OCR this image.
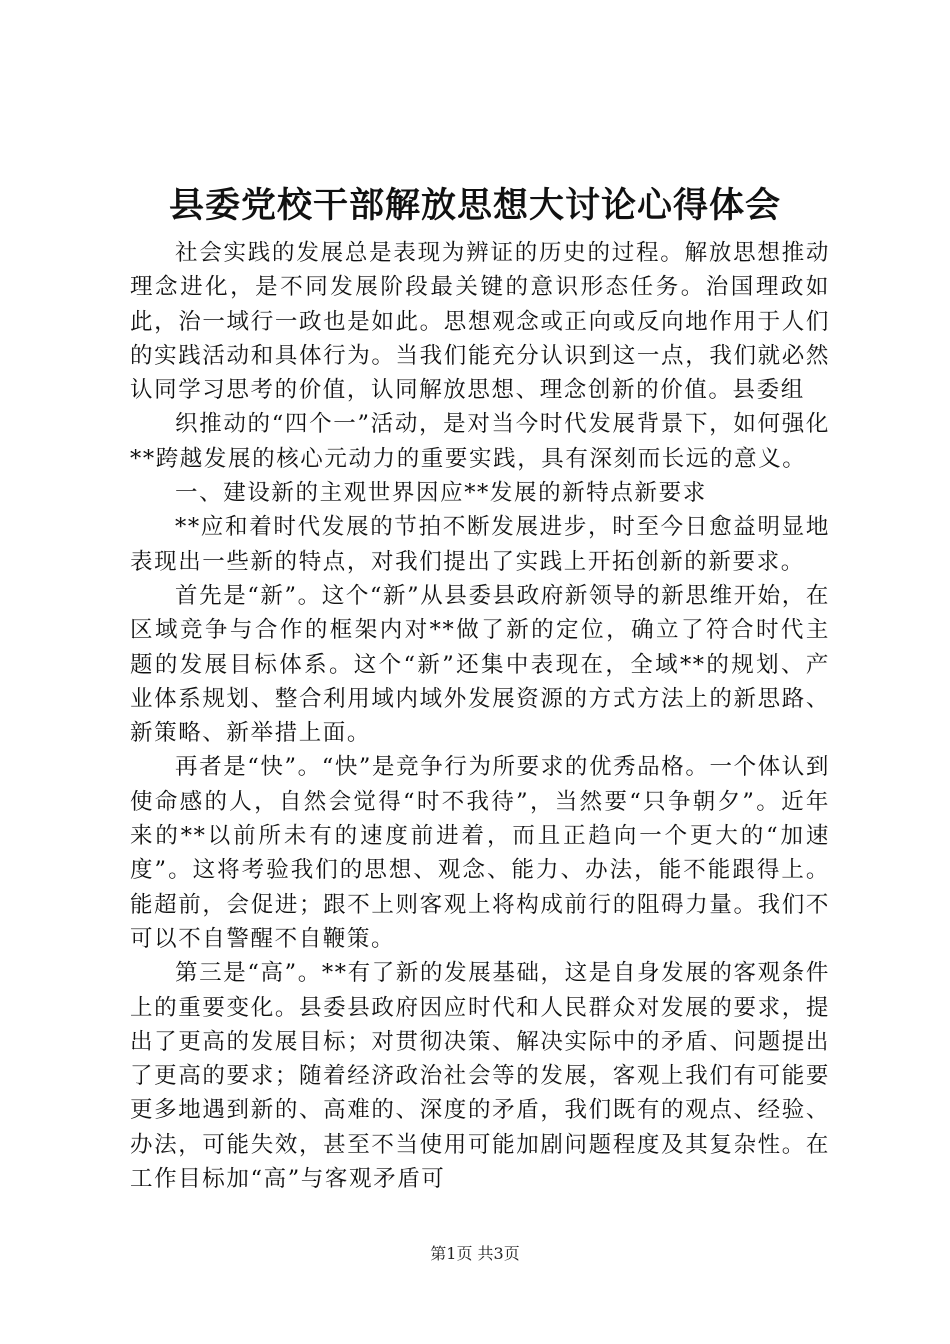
县委党校干部解放思想大讨论心得体会

社会实践的发展总是表现为辨证的历史的过程。解放思想推动理念进化，是不同发展阶段最关键的意识形态任务。治国理政如此，治一域行一政也是如此。思想观念或正向或反向地作用于人们的实践活动和具体行为。当我们能充分认识到这一点，我们就必然认同学习思考的价值，认同解放思想、理念创新的价值。县委组

织推动的“四个一”活动，是对当今时代发展背景下，如何强化**跨越发展的核心元动力的重要实践，具有深刻而长远的意义。

一、建设新的主观世界因应**发展的新特点新要求

**应和着时代发展的节拍不断发展进步，时至今日愈益明显地表现出一些新的特点，对我们提出了实践上开拓创新的新要求。

首先是“新”。这个“新”从县委县政府新领导的新思维开始，在区域竞争与合作的框架内对**做了新的定位，确立了符合时代主题的发展目标体系。这个“新”还集中表现在，全域**的规划、产业体系规划、整合利用域内域外发展资源的方式方法上的新思路、新策略、新举措上面。

再者是“快”。“快”是竞争行为所要求的优秀品格。一个体认到使命感的人，自然会觉得“时不我待”，当然要“只争朝夕”。近年来的**以前所未有的速度前进着，而且正趋向一个更大的“加速度”。这将考验我们的思想、观念、能力、办法，能不能跟得上。能超前，会促进；跟不上则客观上将构成前行的阻碍力量。我们不可以不自警醒不自鞭策。

第三是“高”。**有了新的发展基础，这是自身发展的客观条件上的重要变化。县委县政府因应时代和人民群众对发展的要求，提出了更高的发展目标；对贯彻决策、解决实际中的矛盾、问题提出了更高的要求；随着经济政治社会等的发展，客观上我们有可能要更多地遇到新的、高难的、深度的矛盾，我们既有的观点、经验、办法，可能失效，甚至不当使用可能加剧问题程度及其复杂性。在工作目标加“高”与客观矛盾可

第1页 共3页
